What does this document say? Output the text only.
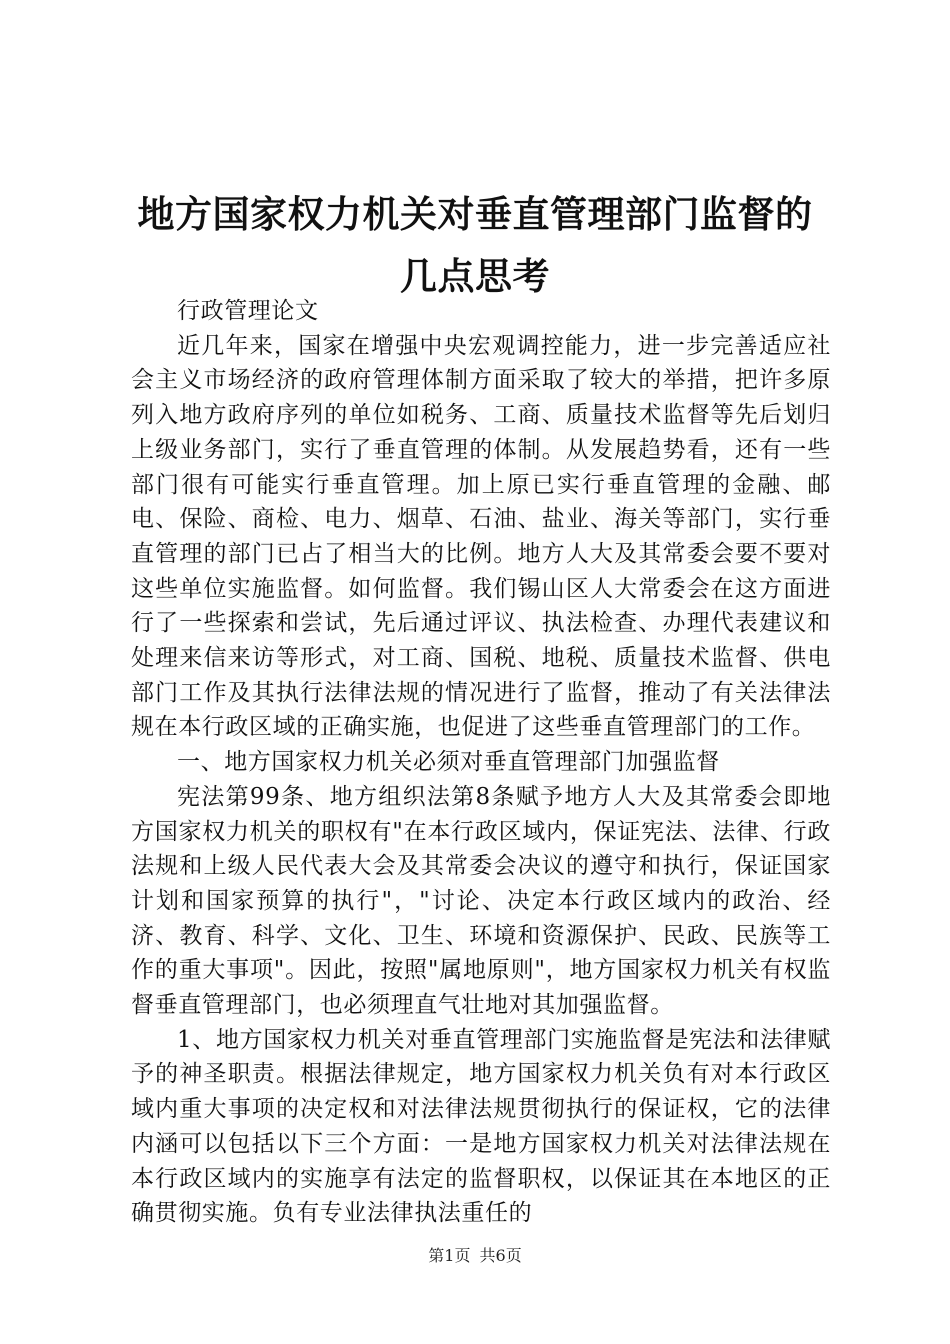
地方国家权力机关对垂直管理部门监督的几点思考

行政管理论文

近几年来，国家在增强中央宏观调控能力，进一步完善适应社会主义市场经济的政府管理体制方面采取了较大的举措，把许多原列入地方政府序列的单位如税务、工商、质量技术监督等先后划归上级业务部门，实行了垂直管理的体制。从发展趋势看，还有一些部门很有可能实行垂直管理。加上原已实行垂直管理的金融、邮电、保险、商检、电力、烟草、石油、盐业、海关等部门，实行垂直管理的部门已占了相当大的比例。地方人大及其常委会要不要对这些单位实施监督。如何监督。我们锡山区人大常委会在这方面进行了一些探索和尝试，先后通过评议、执法检查、办理代表建议和处理来信来访等形式，对工商、国税、地税、质量技术监督、供电部门工作及其执行法律法规的情况进行了监督，推动了有关法律法规在本行政区域的正确实施，也促进了这些垂直管理部门的工作。

一、地方国家权力机关必须对垂直管理部门加强监督

宪法第99条、地方组织法第8条赋予地方人大及其常委会即地方国家权力机关的职权有"在本行政区域内，保证宪法、法律、行政法规和上级人民代表大会及其常委会决议的遵守和执行，保证国家计划和国家预算的执行"，"讨论、决定本行政区域内的政治、经济、教育、科学、文化、卫生、环境和资源保护、民政、民族等工作的重大事项"。因此，按照"属地原则"，地方国家权力机关有权监督垂直管理部门，也必须理直气壮地对其加强监督。

1、地方国家权力机关对垂直管理部门实施监督是宪法和法律赋予的神圣职责。根据法律规定，地方国家权力机关负有对本行政区域内重大事项的决定权和对法律法规贯彻执行的保证权，它的法律内涵可以包括以下三个方面：一是地方国家权力机关对法律法规在本行政区域内的实施享有法定的监督职权，以保证其在本地区的正确贯彻实施。负有专业法律执法重任的

第1页 共6页
